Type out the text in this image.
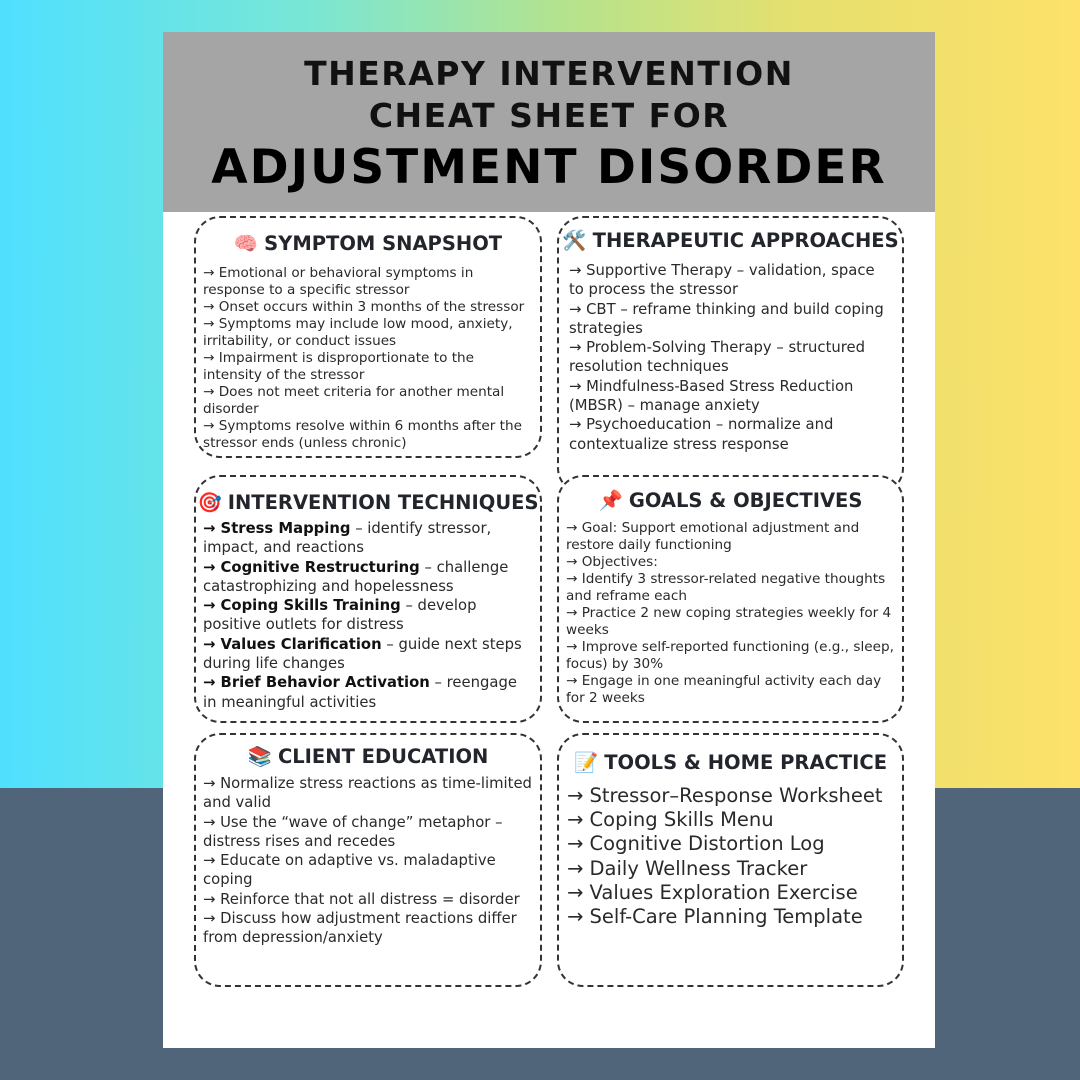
THERAPY INTERVENTION
CHEAT SHEET FOR
ADJUSTMENT DISORDER
🧠 SYMPTOM SNAPSHOT

→ Emotional or behavioral symptoms in response to a specific stressor

→ Onset occurs within 3 months of the stressor

→ Symptoms may include low mood, anxiety, irritability, or conduct issues

→ Impairment is disproportionate to the intensity of the stressor

→ Does not meet criteria for another mental disorder

→ Symptoms resolve within 6 months after the stressor ends (unless chronic)

🛠️ THERAPEUTIC APPROACHES

→ Supportive Therapy – validation, space to process the stressor

→ CBT – reframe thinking and build coping strategies

→ Problem-Solving Therapy – structured resolution techniques

→ Mindfulness-Based Stress Reduction (MBSR) – manage anxiety

→ Psychoeducation – normalize and contextualize stress response

🎯 INTERVENTION TECHNIQUES

→ Stress Mapping – identify stressor, impact, and reactions

→ Cognitive Restructuring – challenge catastrophizing and hopelessness

→ Coping Skills Training – develop positive outlets for distress

→ Values Clarification – guide next steps during life changes

→ Brief Behavior Activation – reengage in meaningful activities

📌 GOALS & OBJECTIVES

→ Goal: Support emotional adjustment and restore daily functioning

→ Objectives:

→ Identify 3 stressor-related negative thoughts and reframe each

→ Practice 2 new coping strategies weekly for 4 weeks

→ Improve self-reported functioning (e.g., sleep, focus) by 30%

→ Engage in one meaningful activity each day for 2 weeks

📚 CLIENT EDUCATION

→ Normalize stress reactions as time-limited and valid

→ Use the “wave of change” metaphor – distress rises and recedes

→ Educate on adaptive vs. maladaptive coping

→ Reinforce that not all distress = disorder

→ Discuss how adjustment reactions differ from depression/anxiety

📝 TOOLS & HOME PRACTICE

→ Stressor–Response Worksheet

→ Coping Skills Menu

→ Cognitive Distortion Log

→ Daily Wellness Tracker

→ Values Exploration Exercise

→ Self-Care Planning Template
